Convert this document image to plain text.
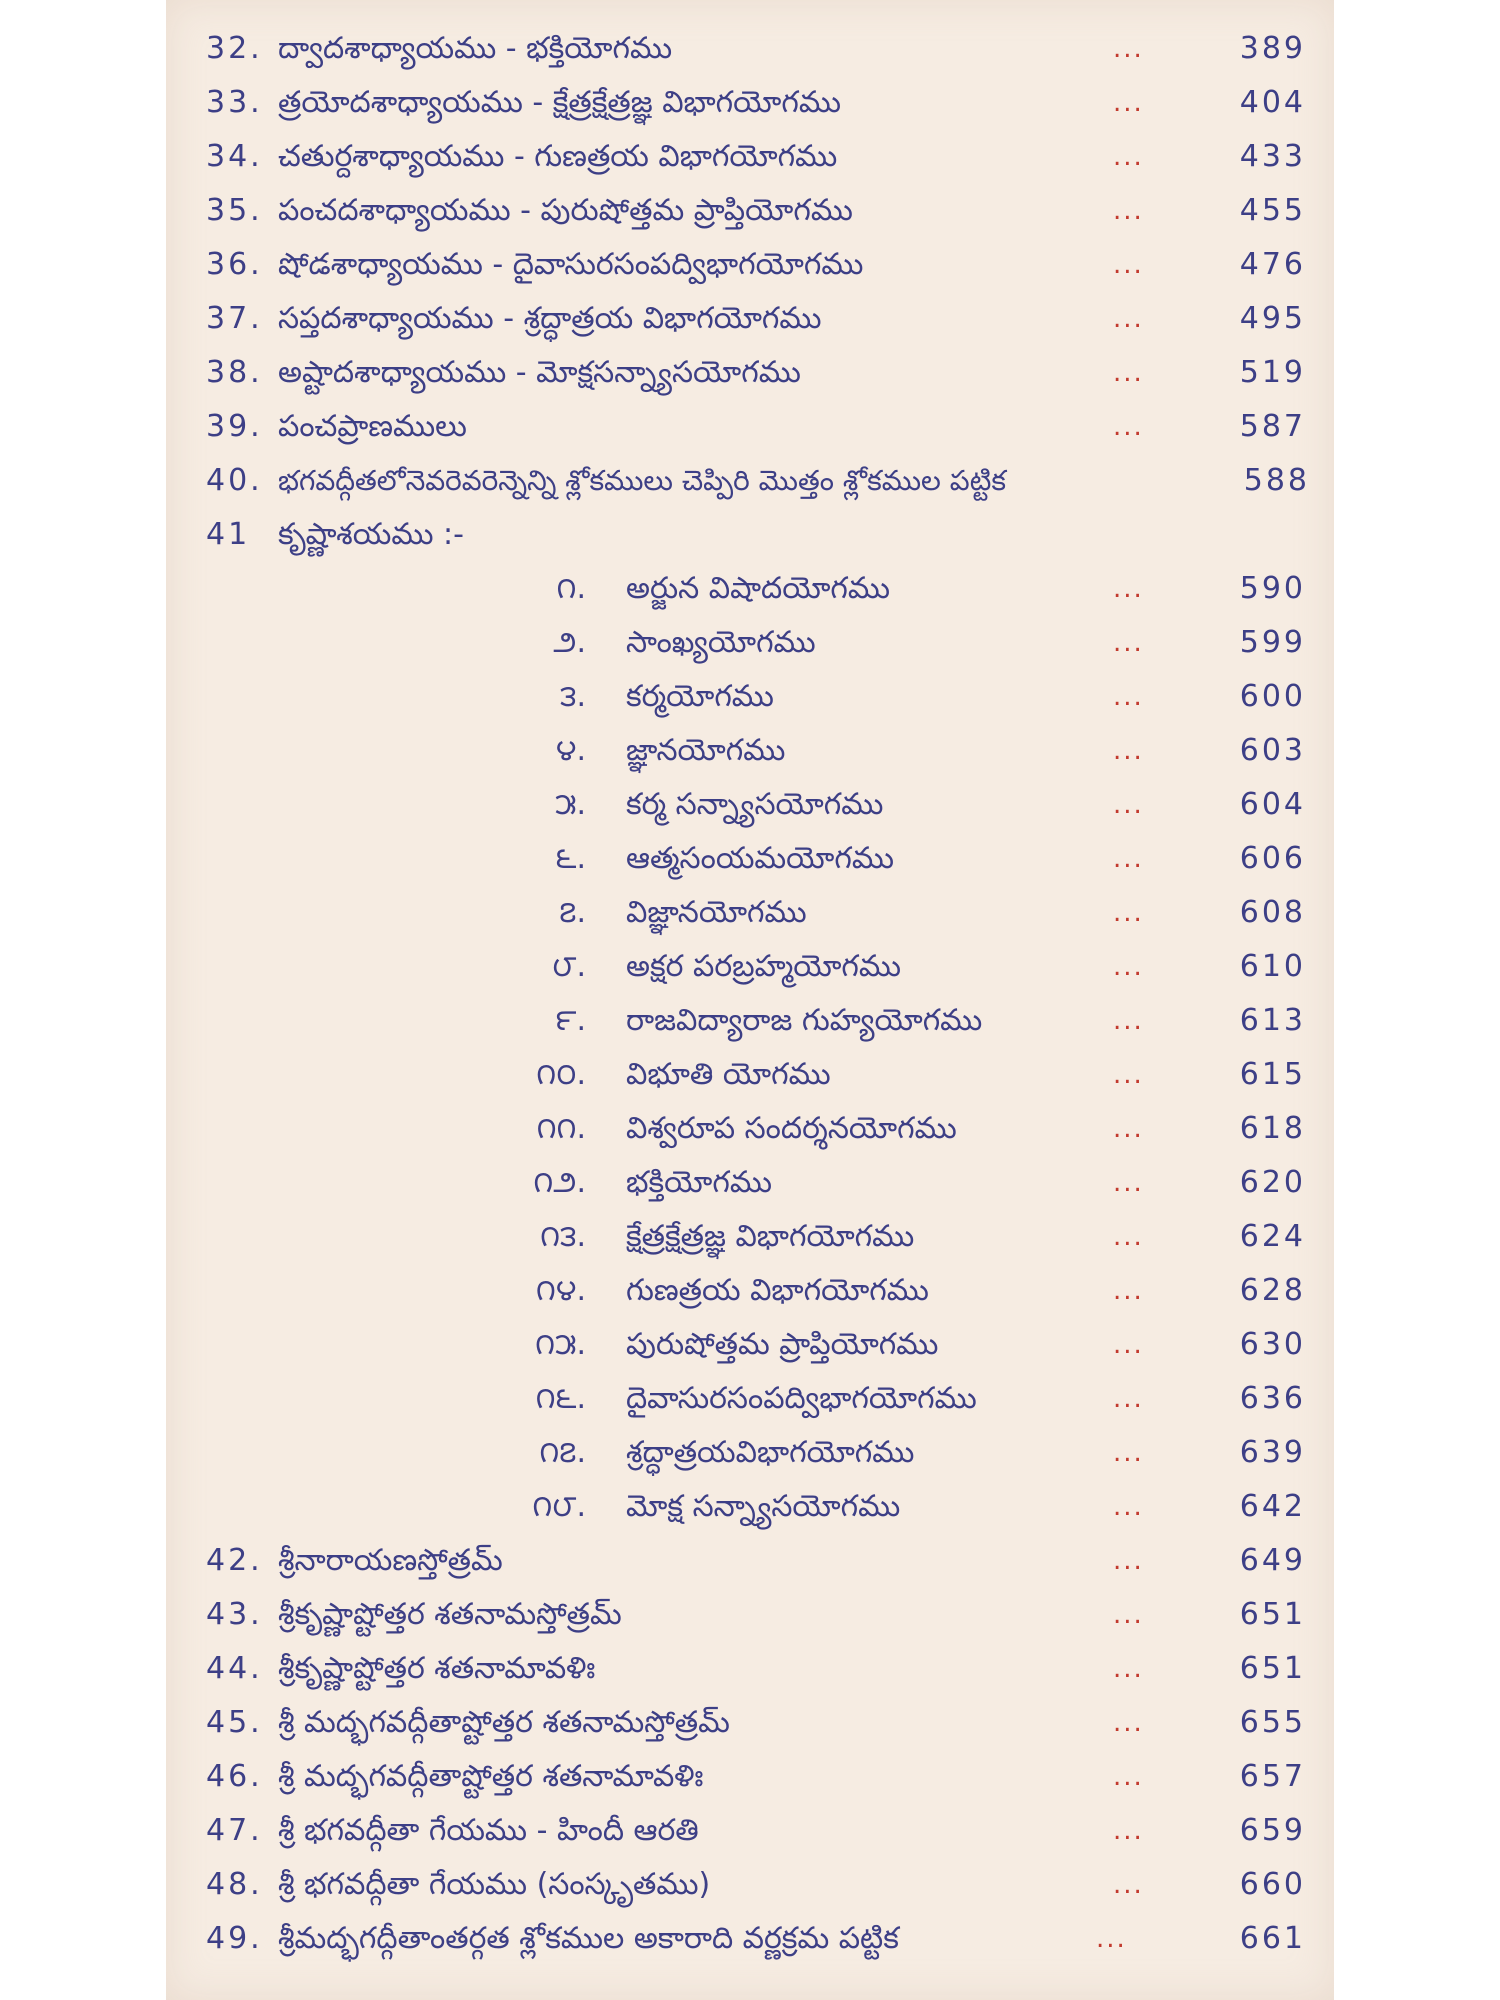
32. ద్వాదశాధ్యాయము - భక్తియోగము	...	389
33. త్రయోదశాధ్యాయము - క్షేత్రక్షేత్రజ్ఞ విభాగయోగము	...	404
34. చతుర్దశాధ్యాయము - గుణత్రయ విభాగయోగము	...	433
35. పంచదశాధ్యాయము - పురుషోత్తమ ప్రాప్తియోగము	...	455
36. షోడశాధ్యాయము - దైవాసురసంపద్విభాగయోగము	...	476
37. సప్తదశాధ్యాయము - శ్రద్ధాత్రయ విభాగయోగము	...	495
38. అష్టాదశాధ్యాయము - మోక్షసన్న్యాసయోగము	...	519
39. పంచప్రాణములు	...	587
40. భగవద్గీతలోనెవరెవరెన్నెన్ని శ్లోకములు చెప్పిరి మొత్తం శ్లోకముల పట్టిక	588
41 కృష్ణాశయము :-
౧. అర్జున విషాదయోగము	...	590
౨. సాంఖ్యయోగము	...	599
౩. కర్మయోగము	...	600
౪. జ్ఞానయోగము	...	603
౫. కర్మ సన్న్యాసయోగము	...	604
౬. ఆత్మసంయమయోగము	...	606
౭. విజ్ఞానయోగము	...	608
౮. అక్షర పరబ్రహ్మయోగము	...	610
౯. రాజవిద్యారాజ గుహ్యయోగము	...	613
౧౦. విభూతి యోగము	...	615
౧౧. విశ్వరూప సందర్శనయోగము	...	618
౧౨. భక్తియోగము	...	620
౧౩. క్షేత్రక్షేత్రజ్ఞ విభాగయోగము	...	624
౧౪. గుణత్రయ విభాగయోగము	...	628
౧౫. పురుషోత్తమ ప్రాప్తియోగము	...	630
౧౬. దైవాసురసంపద్విభాగయోగము	...	636
౧౭. శ్రద్ధాత్రయవిభాగయోగము	...	639
౧౮. మోక్ష సన్న్యాసయోగము	...	642
42. శ్రీనారాయణస్తోత్రమ్	...	649
43. శ్రీకృష్ణాష్టోత్తర శతనామస్తోత్రమ్	...	651
44. శ్రీకృష్ణాష్టోత్తర శతనామావళిః	...	651
45. శ్రీ మద్భగవద్గీతాష్టోత్తర శతనామస్తోత్రమ్	...	655
46. శ్రీ మద్భగవద్గీతాష్టోత్తర శతనామావళిః	...	657
47. శ్రీ భగవద్గీతా గేయము - హిందీ ఆరతి	...	659
48. శ్రీ భగవద్గీతా గేయము (సంస్కృతము)	...	660
49. శ్రీమద్భగద్గీతాంతర్గత శ్లోకముల అకారాది వర్ణక్రమ పట్టిక	...	661
